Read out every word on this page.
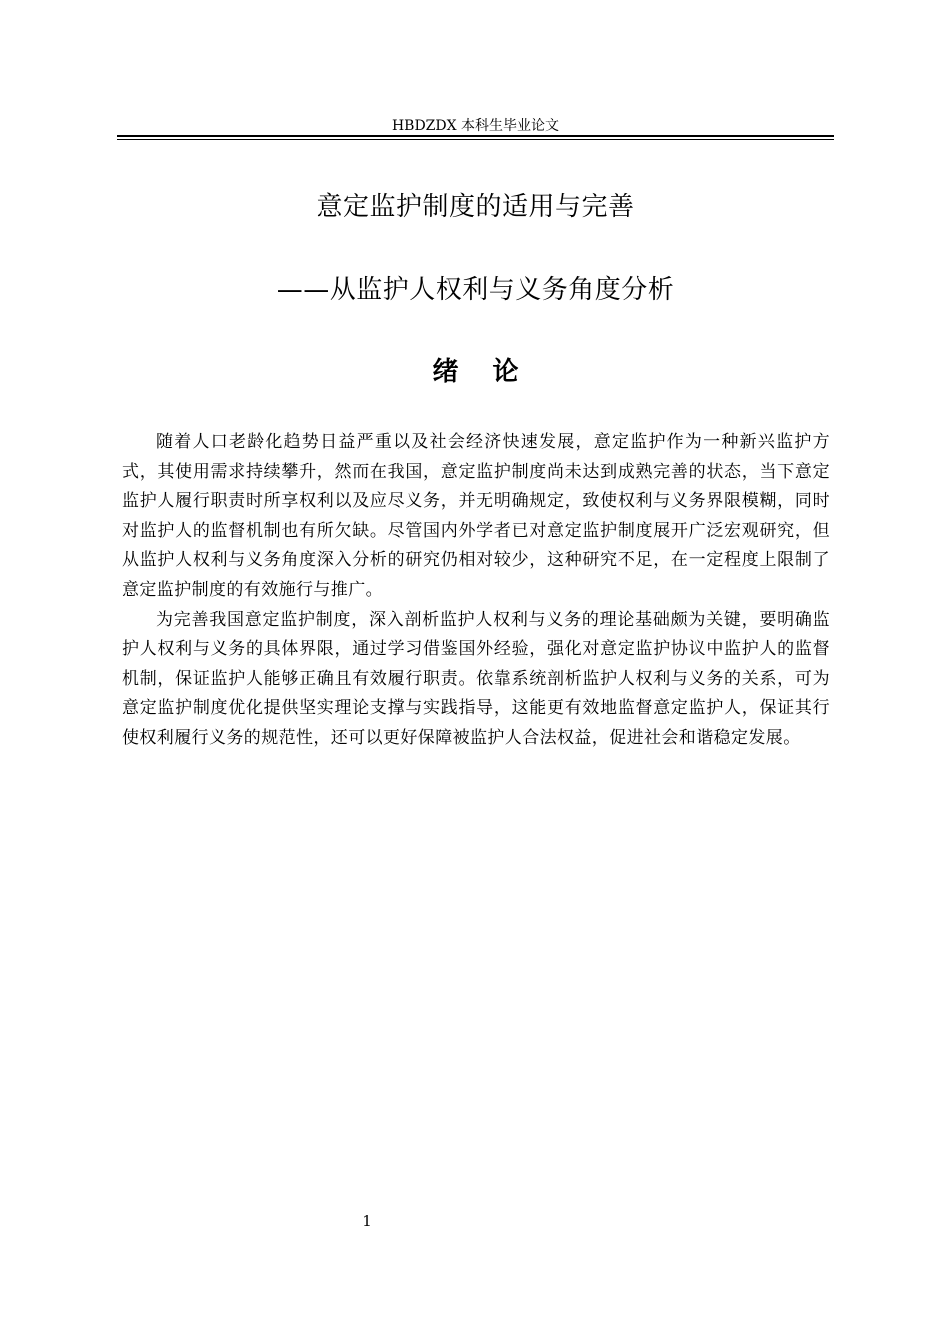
HBDZDX 本科生毕业论文
意定监护制度的适用与完善
——从监护人权利与义务角度分析
绪论

随着人口老龄化趋势日益严重以及社会经济快速发展，意定监护作为一种新兴监护方式，其使用需求持续攀升，然而在我国，意定监护制度尚未达到成熟完善的状态，当下意定监护人履行职责时所享权利以及应尽义务，并无明确规定，致使权利与义务界限模糊，同时对监护人的监督机制也有所欠缺。尽管国内外学者已对意定监护制度展开广泛宏观研究，但从监护人权利与义务角度深入分析的研究仍相对较少，这种研究不足，在一定程度上限制了意定监护制度的有效施行与推广。

为完善我国意定监护制度，深入剖析监护人权利与义务的理论基础颇为关键，要明确监护人权利与义务的具体界限，通过学习借鉴国外经验，强化对意定监护协议中监护人的监督机制，保证监护人能够正确且有效履行职责。依靠系统剖析监护人权利与义务的关系，可为意定监护制度优化提供坚实理论支撑与实践指导，这能更有效地监督意定监护人，保证其行使权利履行义务的规范性，还可以更好保障被监护人合法权益，促进社会和谐稳定发展。

1
